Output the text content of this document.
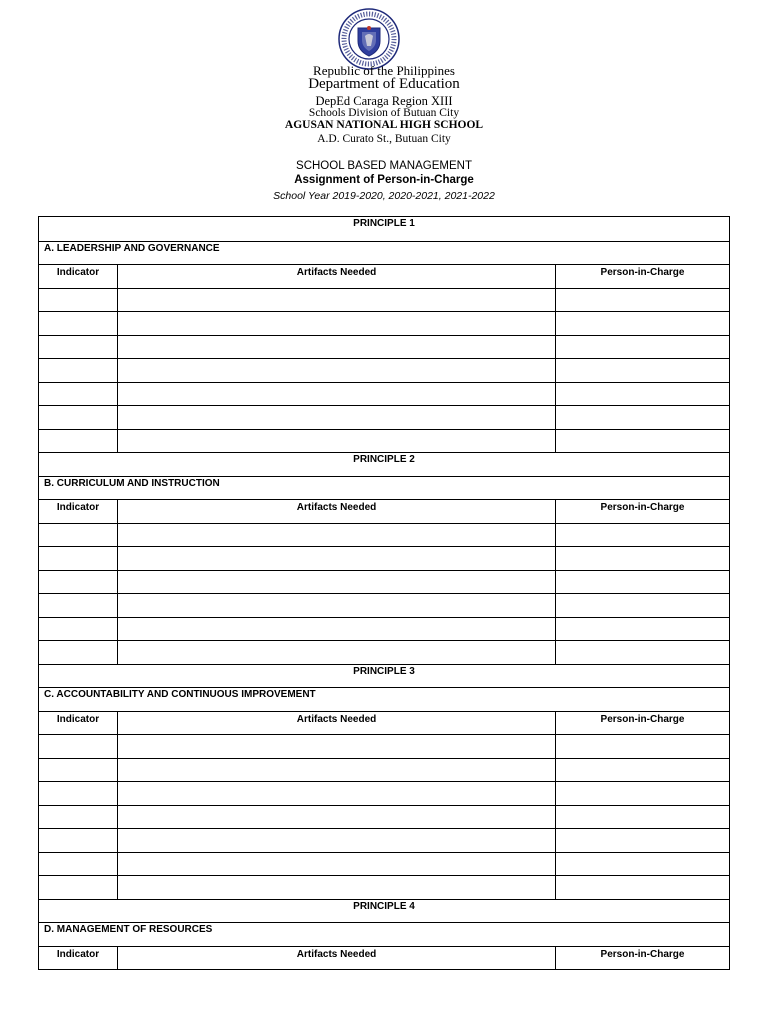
Republic of the Philippines
Department of Education
DepEd Caraga Region XIII
Schools Division of Butuan City
AGUSAN NATIONAL HIGH SCHOOL
A.D. Curato St., Butuan City
SCHOOL BASED MANAGEMENT
Assignment of Person-in-Charge
School Year 2019-2020, 2020-2021, 2021-2022
PRINCIPLE 1
A. LEADERSHIP AND GOVERNANCE
Indicator	Artifacts Needed	Person-in-Charge
PRINCIPLE 2
B. CURRICULUM AND INSTRUCTION
Indicator	Artifacts Needed	Person-in-Charge
PRINCIPLE 3
C. ACCOUNTABILITY AND CONTINUOUS IMPROVEMENT
Indicator	Artifacts Needed	Person-in-Charge
PRINCIPLE 4
D. MANAGEMENT OF RESOURCES
Indicator	Artifacts Needed	Person-in-Charge
